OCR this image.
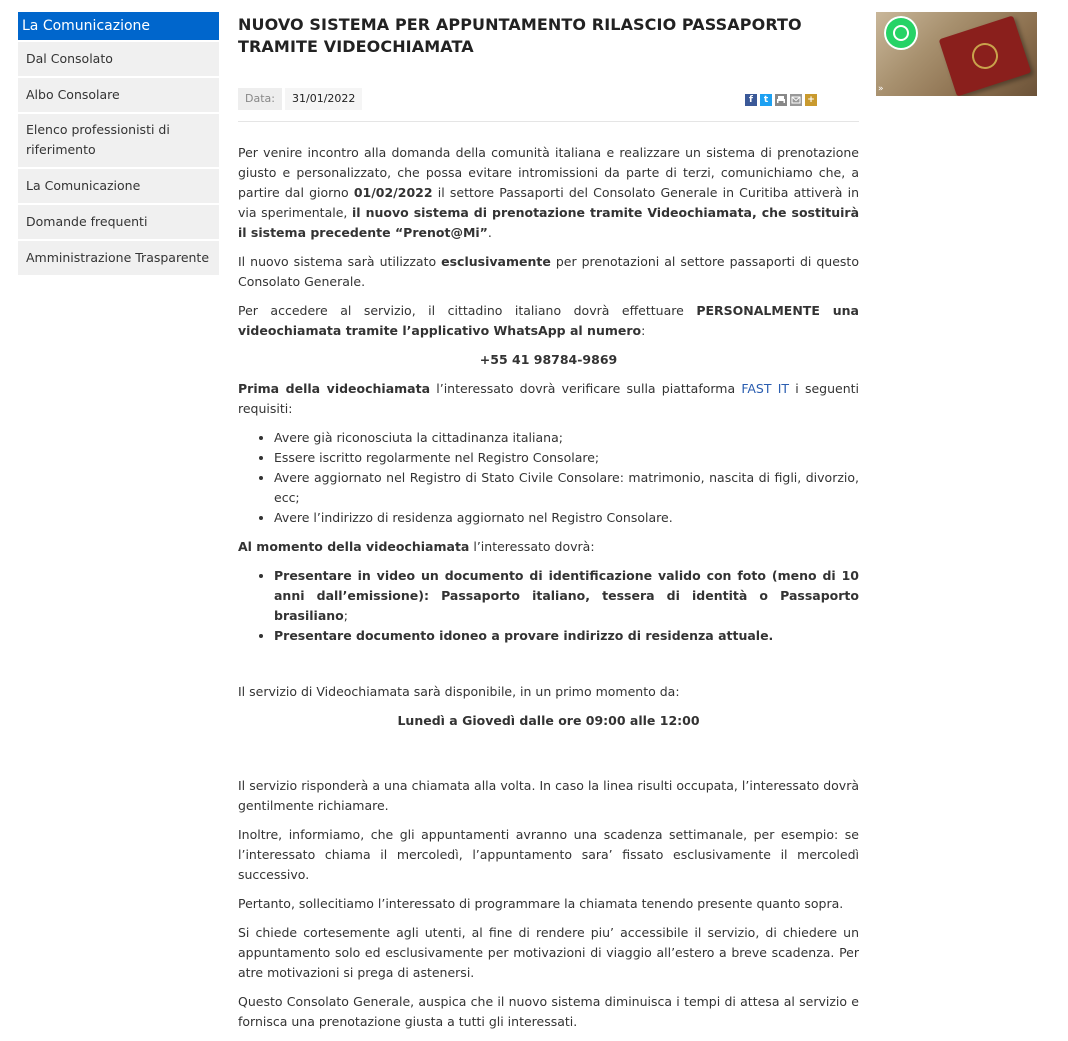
La Comunicazione
Dal Consolato
Albo Consolare
Elenco professionisti di riferimento
La Comunicazione
Domande frequenti
Amministrazione Trasparente
NUOVO SISTEMA PER APPUNTAMENTO RILASCIO PASSAPORTO TRAMITE VIDEOCHIAMATA
Data:	31/01/2022	f	t	+

Per venire incontro alla domanda della comunità italiana e realizzare un sistema di prenotazione giusto e personalizzato, che possa evitare intromissioni da parte di terzi, comunichiamo che, a partire dal giorno 01/02/2022 il settore Passaporti del Consolato Generale in Curitiba attiverà in via sperimentale, il nuovo sistema di prenotazione tramite Videochiamata, che sostituirà il sistema precedente “Prenot@Mi”.

Il nuovo sistema sarà utilizzato esclusivamente per prenotazioni al settore passaporti di questo Consolato Generale.

Per accedere al servizio, il cittadino italiano dovrà effettuare PERSONALMENTE una videochiamata tramite l’applicativo WhatsApp al numero:

+55 41 98784-9869

Prima della videochiamata l’interessato dovrà verificare sulla piattaforma FAST IT i seguenti requisiti:

• Avere già riconosciuta la cittadinanza italiana;
• Essere iscritto regolarmente nel Registro Consolare;
• Avere aggiornato nel Registro di Stato Civile Consolare: matrimonio, nascita di figli, divorzio, ecc;
• Avere l’indirizzo di residenza aggiornato nel Registro Consolare.

Al momento della videochiamata l’interessato dovrà:

• Presentare in video un documento di identificazione valido con foto (meno di 10 anni dall’emissione): Passaporto italiano, tessera di identità o Passaporto brasiliano;
• Presentare documento idoneo a provare indirizzo di residenza attuale.

Il servizio di Videochiamata sarà disponibile, in un primo momento da:

Lunedì a Giovedì dalle ore 09:00 alle 12:00

Il servizio risponderà a una chiamata alla volta. In caso la linea risulti occupata, l’interessato dovrà gentilmente richiamare.

Inoltre, informiamo, che gli appuntamenti avranno una scadenza settimanale, per esempio: se l’interessato chiama il mercoledì, l’appuntamento sara’ fissato esclusivamente il mercoledì successivo.

Pertanto, sollecitiamo l’interessato di programmare la chiamata tenendo presente quanto sopra.

Si chiede cortesemente agli utenti, al fine di rendere piu’ accessibile il servizio, di chiedere un appuntamento solo ed esclusivamente per motivazioni di viaggio all’estero a breve scadenza. Per atre motivazioni si prega di astenersi.

Questo Consolato Generale, auspica che il nuovo sistema diminuisca i tempi di attesa al servizio e fornisca una prenotazione giusta a tutti gli interessati.

»
